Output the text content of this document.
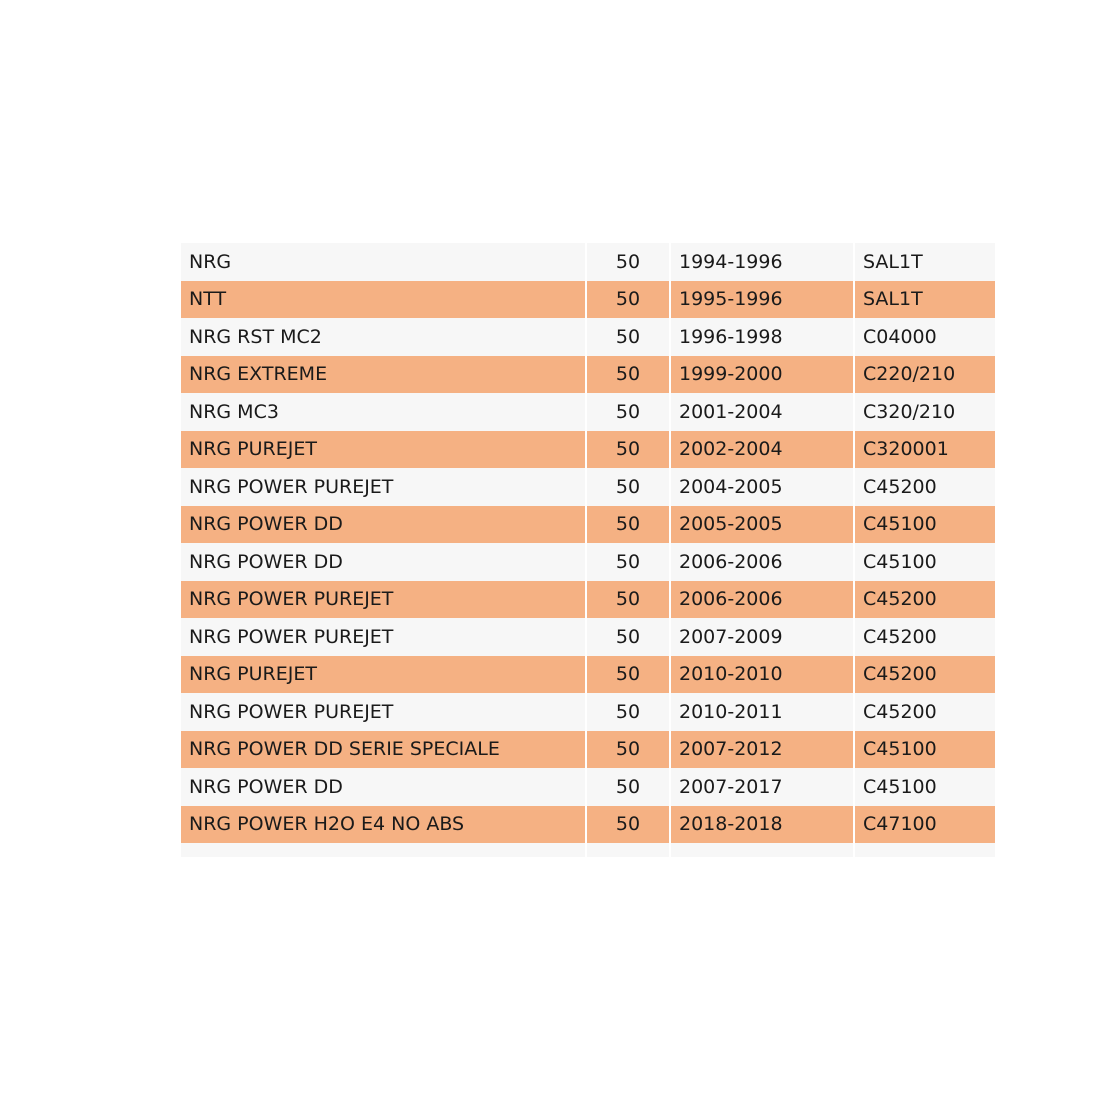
NRG	50	1994-1996	SAL1T
NTT	50	1995-1996	SAL1T
NRG RST MC2	50	1996-1998	C04000
NRG EXTREME	50	1999-2000	C220/210
NRG MC3	50	2001-2004	C320/210
NRG PUREJET	50	2002-2004	C320001
NRG POWER PUREJET	50	2004-2005	C45200
NRG POWER DD	50	2005-2005	C45100
NRG POWER DD	50	2006-2006	C45100
NRG POWER PUREJET	50	2006-2006	C45200
NRG POWER PUREJET	50	2007-2009	C45200
NRG PUREJET	50	2010-2010	C45200
NRG POWER PUREJET	50	2010-2011	C45200
NRG POWER DD SERIE SPECIALE	50	2007-2012	C45100
NRG POWER DD	50	2007-2017	C45100
NRG POWER H2O E4 NO ABS	50	2018-2018	C47100
